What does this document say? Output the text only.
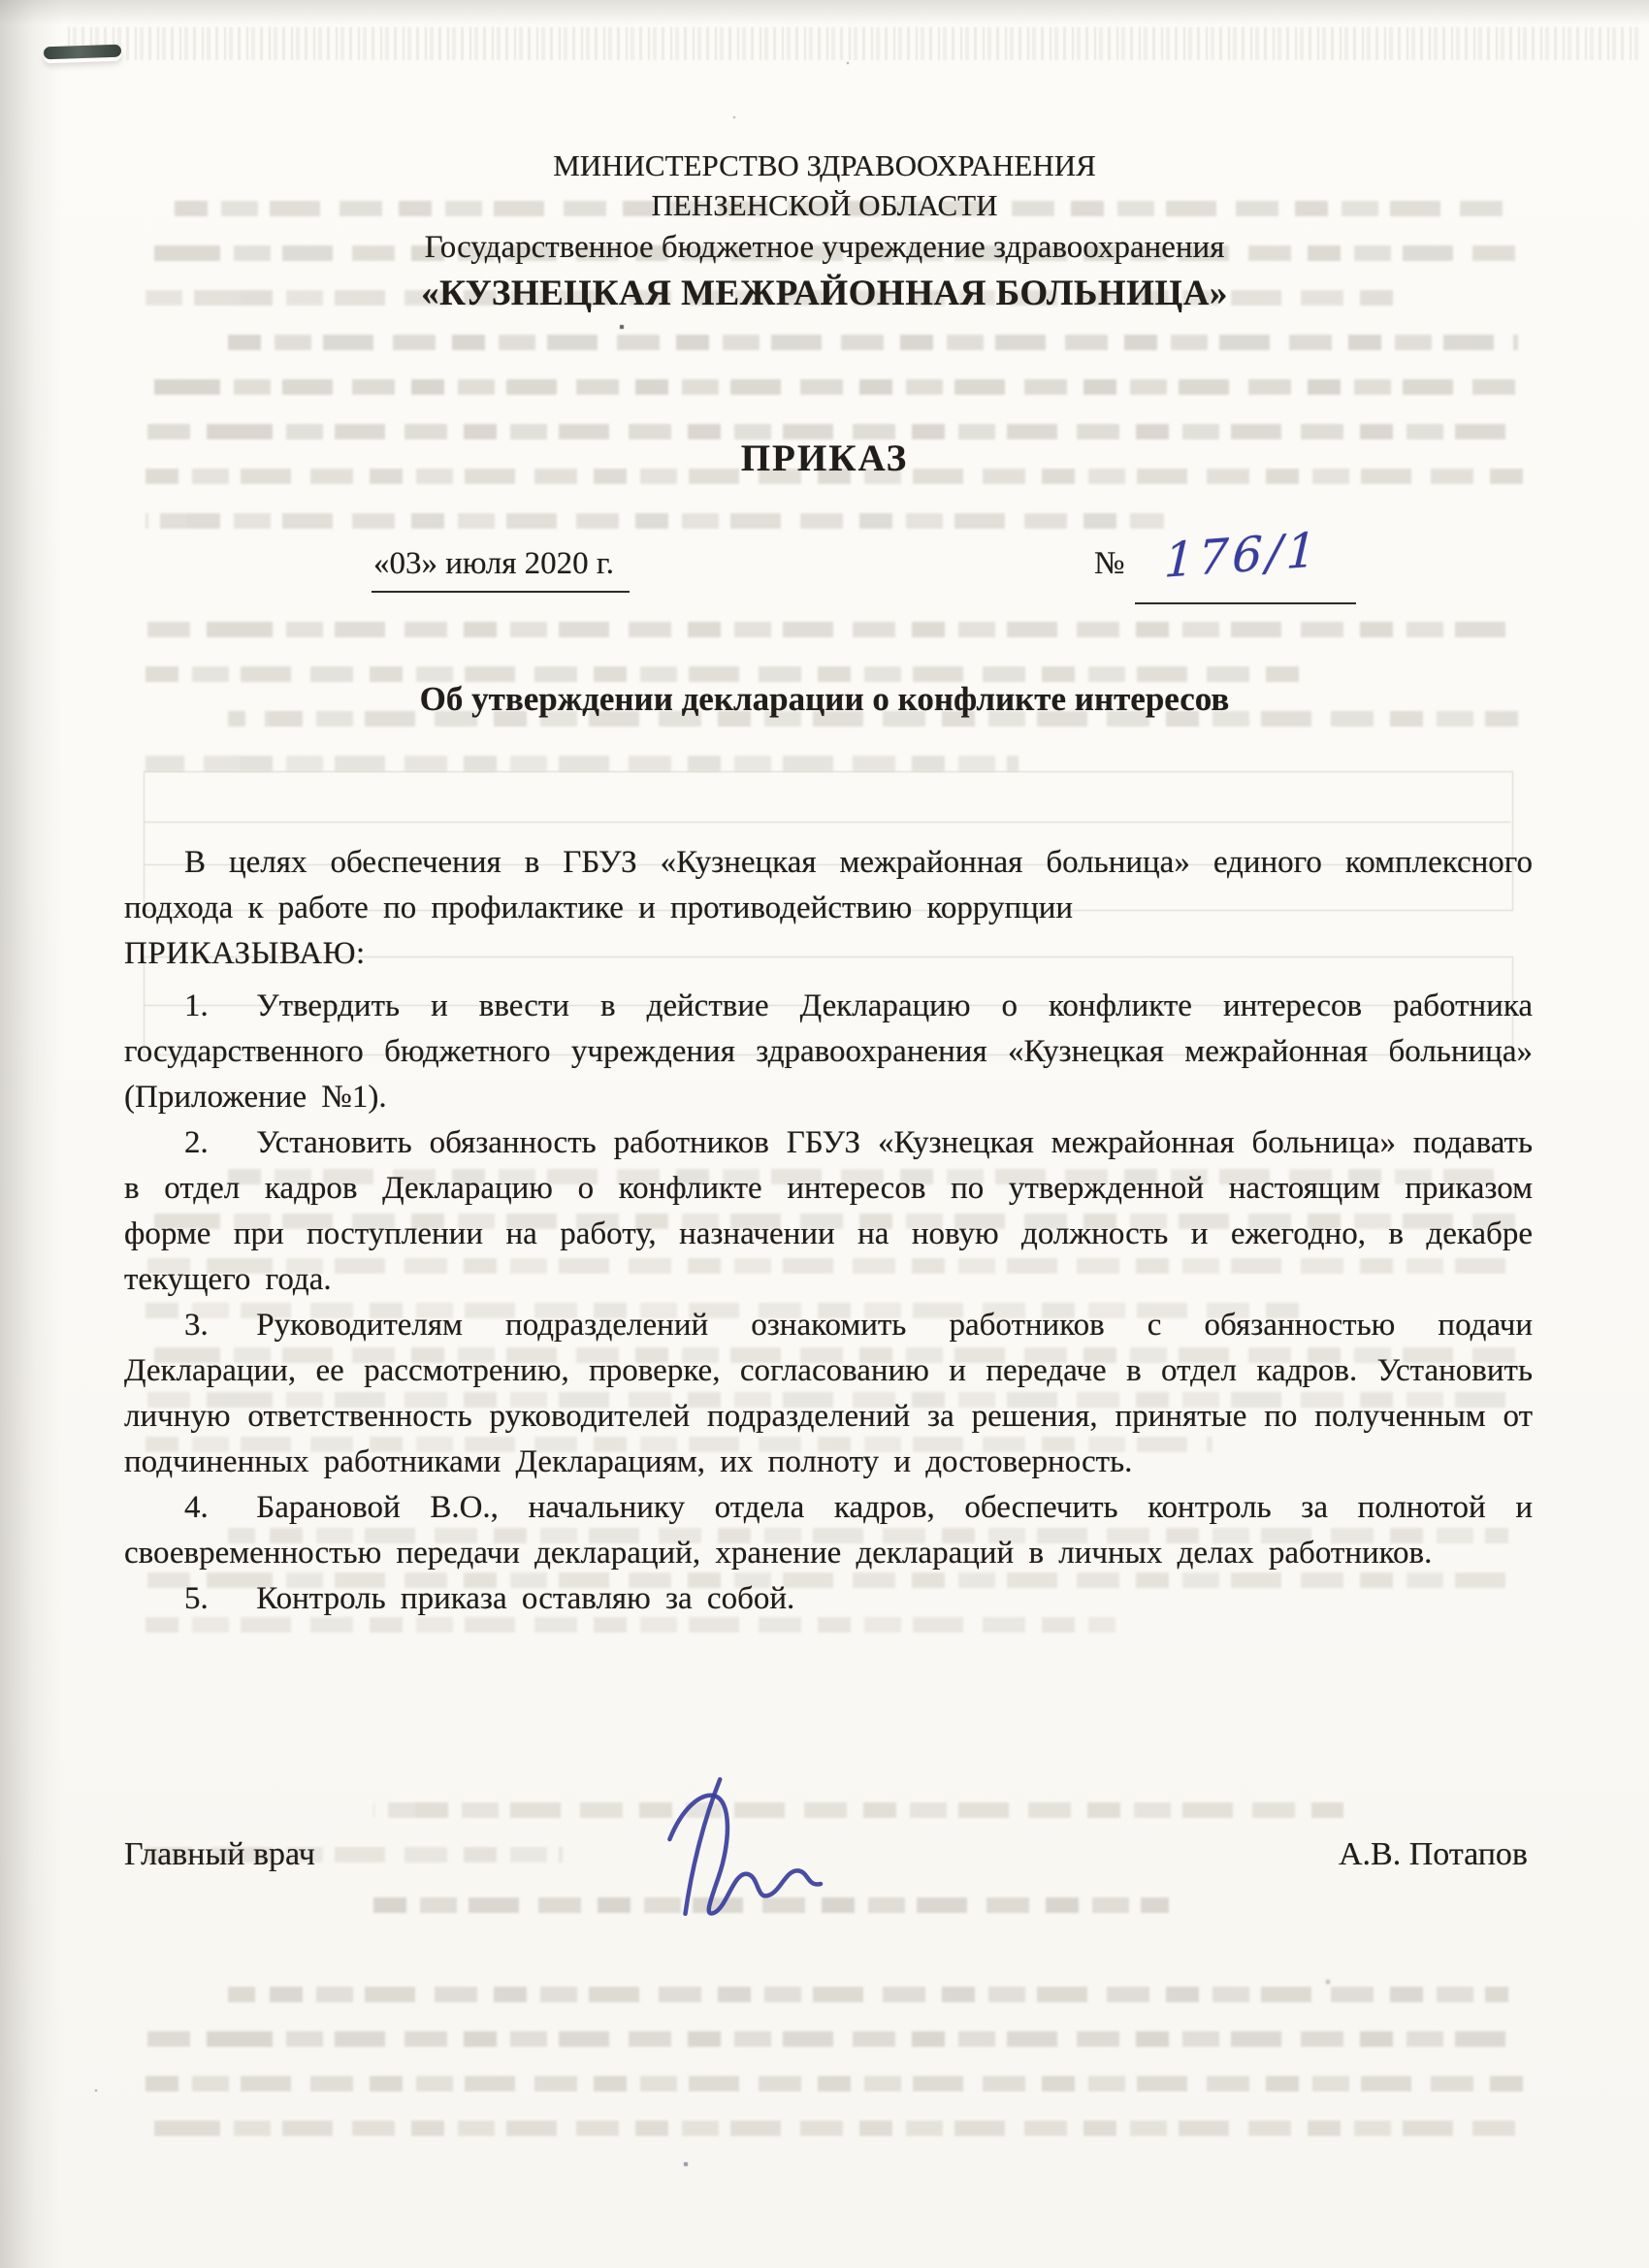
МИНИСТЕРСТВО ЗДРАВООХРАНЕНИЯ
ПЕНЗЕНСКОЙ ОБЛАСТИ
Государственное бюджетное учреждение здравоохранения
«КУЗНЕЦКАЯ МЕЖРАЙОННАЯ БОЛЬНИЦА»
ПРИКАЗ
«03» июля 2020 г.	№ 176/1
Об утверждении декларации о конфликте интересов

В целях обеспечения в ГБУЗ «Кузнецкая межрайонная больница» единого комплексного подхода к работе по профилактике и противодействию коррупции

ПРИКАЗЫВАЮ:

1.  Утвердить и ввести в действие Декларацию о конфликте интересов работника государственного бюджетного учреждения здравоохранения «Кузнецкая межрайонная больница» (Приложение №1).

2.  Установить обязанность работников ГБУЗ «Кузнецкая межрайонная больница» подавать в отдел кадров Декларацию о конфликте интересов по утвержденной настоящим приказом форме при поступлении на работу, назначении на новую должность и ежегодно, в декабре текущего года.

3.  Руководителям подразделений ознакомить работников с обязанностью подачи Декларации, ее рассмотрению, проверке, согласованию и передаче в отдел кадров. Установить личную ответственность руководителей подразделений за решения, принятые по полученным от подчиненных работниками Декларациям, их полноту и достоверность.

4.  Барановой В.О., начальнику отдела кадров, обеспечить контроль за полнотой и своевременностью передачи деклараций, хранение деклараций в личных делах работников.

5.  Контроль приказа оставляю за собой.

Главный врач	А.В. Потапов
